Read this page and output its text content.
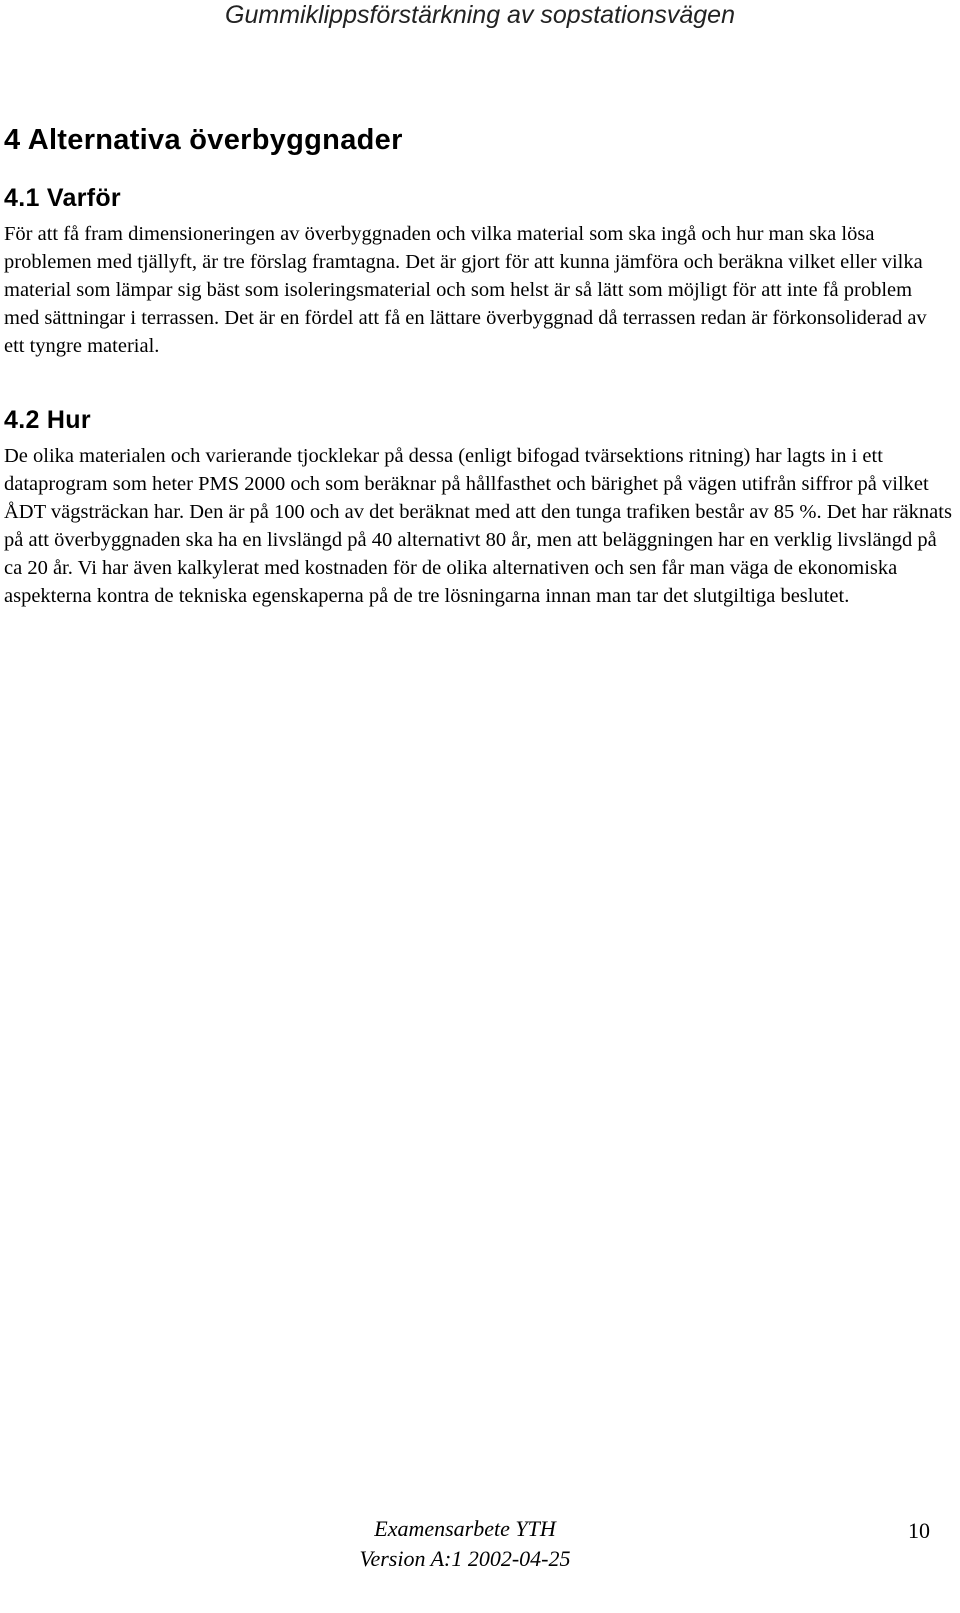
Gummiklippsförstärkning av sopstationsvägen
4 Alternativa överbyggnader
4.1 Varför

För att få fram dimensioneringen av överbyggnaden och vilka material som ska ingå och hur man ska lösa problemen med tjällyft, är tre förslag framtagna. Det är gjort för att kunna jämföra och beräkna vilket eller vilka material som lämpar sig bäst som isoleringsmaterial och som helst är så lätt som möjligt för att inte få problem med sättningar i terrassen. Det är en fördel att få en lättare överbyggnad då terrassen redan är förkonsoliderad av ett tyngre material.

4.2 Hur

De olika materialen och varierande tjocklekar på dessa (enligt bifogad tvärsektions ritning) har lagts in i ett dataprogram som heter PMS 2000 och som beräknar på hållfasthet och bärighet på vägen utifrån siffror på vilket ÅDT vägsträckan har. Den är på 100 och av det beräknat med att den tunga trafiken består av 85 %. Det har räknats på att överbyggnaden ska ha en livslängd på 40 alternativt 80 år, men att beläggningen har en verklig livslängd på ca 20 år. Vi har även kalkylerat med kostnaden för de olika alternativen och sen får man väga de ekonomiska aspekterna kontra de tekniska egenskaperna på de tre lösningarna innan man tar det slutgiltiga beslutet.

Examensarbete YTH
Version A:1 2002-04-25
10
